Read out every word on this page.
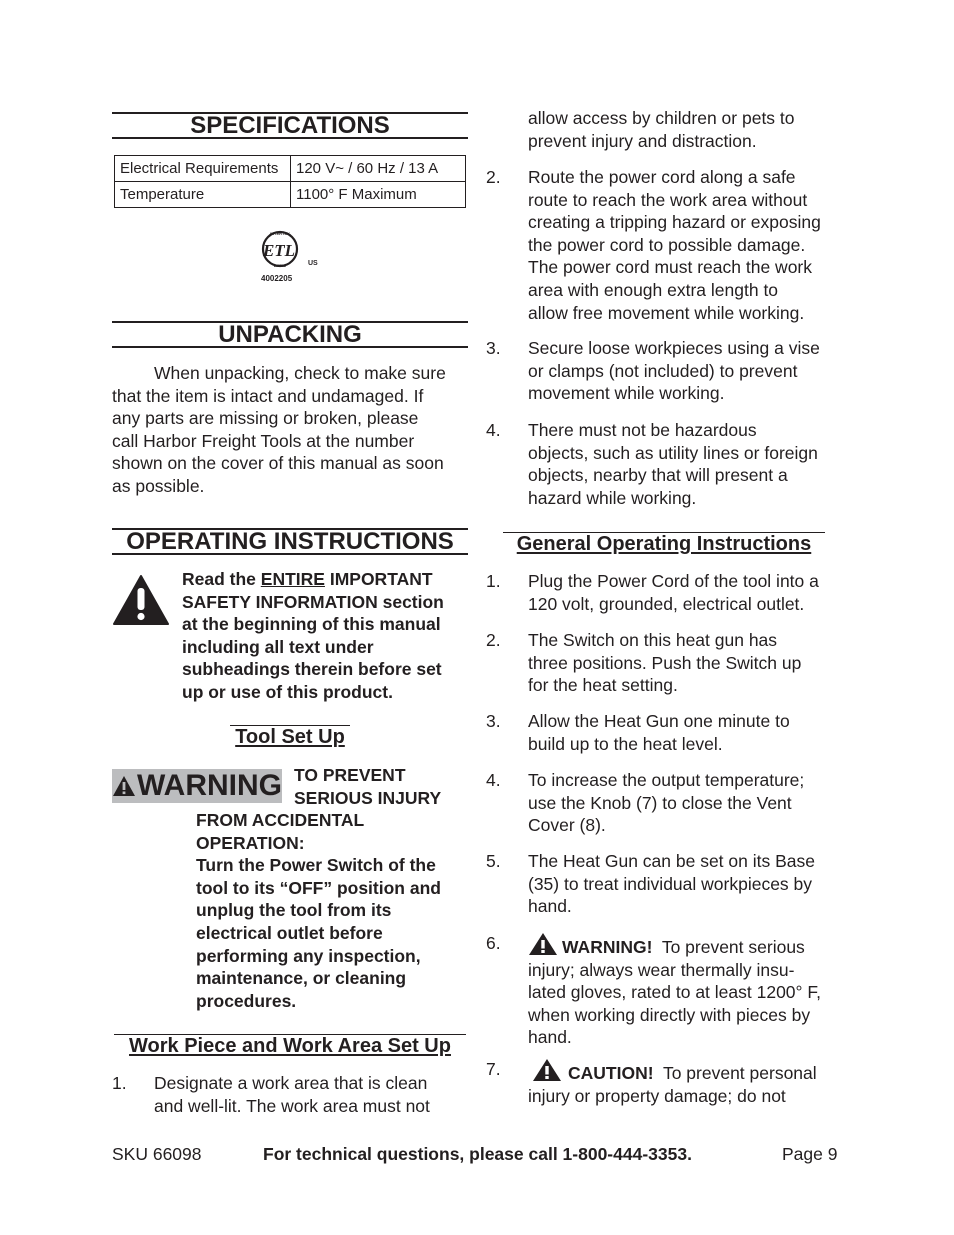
SPECIFICATIONS
Electrical Requirements	120 V~ / 60 Hz / 13 A
Temperature	1100° F Maximum
INTERTEK
LISTED
ETL
US
4002205
UNPACKING
When unpacking, check to make sure
that the item is intact and undamaged. If
any parts are missing or broken, please
call Harbor Freight Tools at the number
shown on the cover of this manual as soon
as possible.
OPERATING INSTRUCTIONS
Read the ENTIRE IMPORTANT
SAFETY INFORMATION section
at the beginning of this manual
including all text under
subheadings therein before set
up or use of this product.
Tool Set Up
WARNING TO PREVENT
SERIOUS INJURY
FROM ACCIDENTAL
OPERATION:
Turn the Power Switch of the
tool to its “OFF” position and
unplug the tool from its
electrical outlet before
performing any inspection,
maintenance, or cleaning
procedures.
Work Piece and Work Area Set Up
1. Designate a work area that is clean
and well-lit. The work area must not
allow access by children or pets to
prevent injury and distraction.
2. Route the power cord along a safe
route to reach the work area without
creating a tripping hazard or exposing
the power cord to possible damage.
The power cord must reach the work
area with enough extra length to
allow free movement while working.
3. Secure loose workpieces using a vise
or clamps (not included) to prevent
movement while working.
4. There must not be hazardous
objects, such as utility lines or foreign
objects, nearby that will present a
hazard while working.
General Operating Instructions
1. Plug the Power Cord of the tool into a
120 volt, grounded, electrical outlet.
2. The Switch on this heat gun has
three positions. Push the Switch up
for the heat setting.
3. Allow the Heat Gun one minute to
build up to the heat level.
4. To increase the output temperature;
use the Knob (7) to close the Vent
Cover (8).
5. The Heat Gun can be set on its Base
(35) to treat individual workpieces by
hand.
6.	WARNING!  To prevent serious
injury; always wear thermally insu-
lated gloves, rated to at least 1200° F,
when working directly with pieces by
hand.
7.	CAUTION!  To prevent personal
injury or property damage; do not
SKU 66098	For technical questions, please call 1-800-444-3353.	Page 9
